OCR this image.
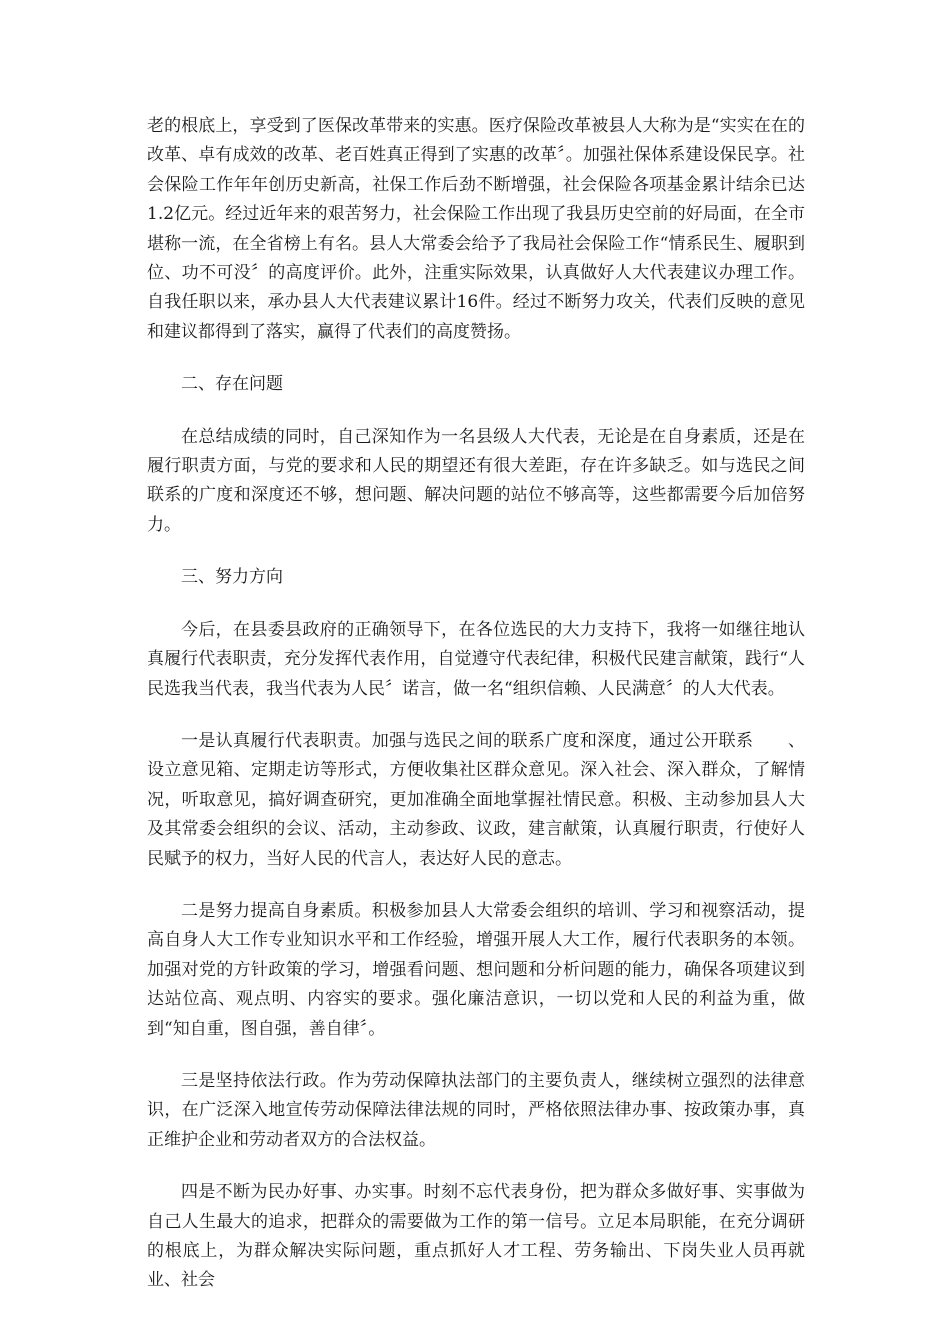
老的根底上，享受到了医保改革带来的实惠。医疗保险改革被县人大称为是“实实在在的改革、卓有成效的改革、老百姓真正得到了实惠的改革〞。加强社保体系建设保民享。社会保险工作年年创历史新高，社保工作后劲不断增强，社会保险各项基金累计结余已达1.2亿元。经过近年来的艰苦努力，社会保险工作出现了我县历史空前的好局面，在全市堪称一流，在全省榜上有名。县人大常委会给予了我局社会保险工作“情系民生、履职到位、功不可没〞的高度评价。此外，注重实际效果，认真做好人大代表建议办理工作。自我任职以来，承办县人大代表建议累计16件。经过不断努力攻关，代表们反映的意见和建议都得到了落实，赢得了代表们的高度赞扬。

二、存在问题

在总结成绩的同时，自己深知作为一名县级人大代表，无论是在自身素质，还是在履行职责方面，与党的要求和人民的期望还有很大差距，存在许多缺乏。如与选民之间联系的广度和深度还不够，想问题、解决问题的站位不够高等，这些都需要今后加倍努力。

三、努力方向

今后，在县委县政府的正确领导下，在各位选民的大力支持下，我将一如继往地认真履行代表职责，充分发挥代表作用，自觉遵守代表纪律，积极代民建言献策，践行“人民选我当代表，我当代表为人民〞诺言，做一名“组织信赖、人民满意〞的人大代表。

一是认真履行代表职责。加强与选民之间的联系广度和深度，通过公开联系　　、设立意见箱、定期走访等形式，方便收集社区群众意见。深入社会、深入群众，了解情况，听取意见，搞好调查研究，更加准确全面地掌握社情民意。积极、主动参加县人大及其常委会组织的会议、活动，主动参政、议政，建言献策，认真履行职责，行使好人民赋予的权力，当好人民的代言人，表达好人民的意志。

二是努力提高自身素质。积极参加县人大常委会组织的培训、学习和视察活动，提高自身人大工作专业知识水平和工作经验，增强开展人大工作，履行代表职务的本领。加强对党的方针政策的学习，增强看问题、想问题和分析问题的能力，确保各项建议到达站位高、观点明、内容实的要求。强化廉洁意识，一切以党和人民的利益为重，做到“知自重，图自强，善自律〞。

三是坚持依法行政。作为劳动保障执法部门的主要负责人，继续树立强烈的法律意识，在广泛深入地宣传劳动保障法律法规的同时，严格依照法律办事、按政策办事，真正维护企业和劳动者双方的合法权益。

四是不断为民办好事、办实事。时刻不忘代表身份，把为群众多做好事、实事做为自己人生最大的追求，把群众的需要做为工作的第一信号。立足本局职能，在充分调研的根底上，为群众解决实际问题，重点抓好人才工程、劳务输出、下岗失业人员再就业、社会
